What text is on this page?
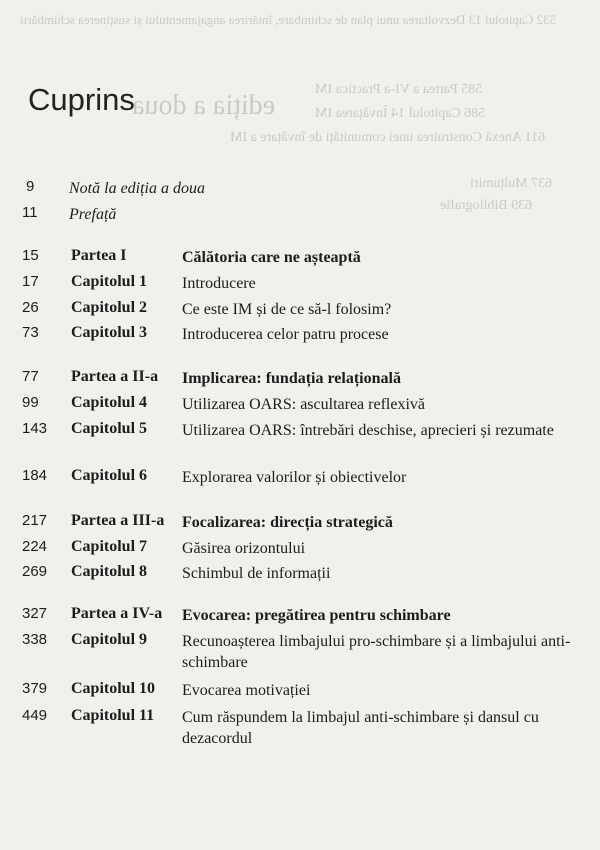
532 Capitolul 13 Dezvoltarea unui plan de schimbare, întărirea angajamentului și susținerea schimbării
ediția a doua
585 Partea a VI-a Practica IM
586 Capitolul 14 Învățarea IM
611 Anexă Construirea unei comunități de învățare a IM
637 Mulțumiri
639 Bibliografie
Cuprins
9 Notă la ediția a doua
11 Prefață
15 Partea I	Călătoria care ne așteaptă
17 Capitolul 1 Introducere
26 Capitolul 2 Ce este IM și de ce să-l folosim?
73 Capitolul 3 Introducerea celor patru procese
77 Partea a II-a Implicarea: fundația relațională
99 Capitolul 4 Utilizarea OARS: ascultarea reflexivă
143 Capitolul 5 Utilizarea OARS: întrebări deschise, aprecieri și rezumate
184 Capitolul 6 Explorarea valorilor și obiectivelor
217 Partea a III-a Focalizarea: direcția strategică
224 Capitolul 7 Găsirea orizontului
269 Capitolul 8 Schimbul de informații
327 Partea a IV-a Evocarea: pregătirea pentru schimbare
338 Capitolul 9 Recunoașterea limbajului pro-schimbare și a limbajului anti-schimbare
379 Capitolul 10 Evocarea motivației
449 Capitolul 11 Cum răspundem la limbajul anti-schimbare și dansul cu dezacordul
